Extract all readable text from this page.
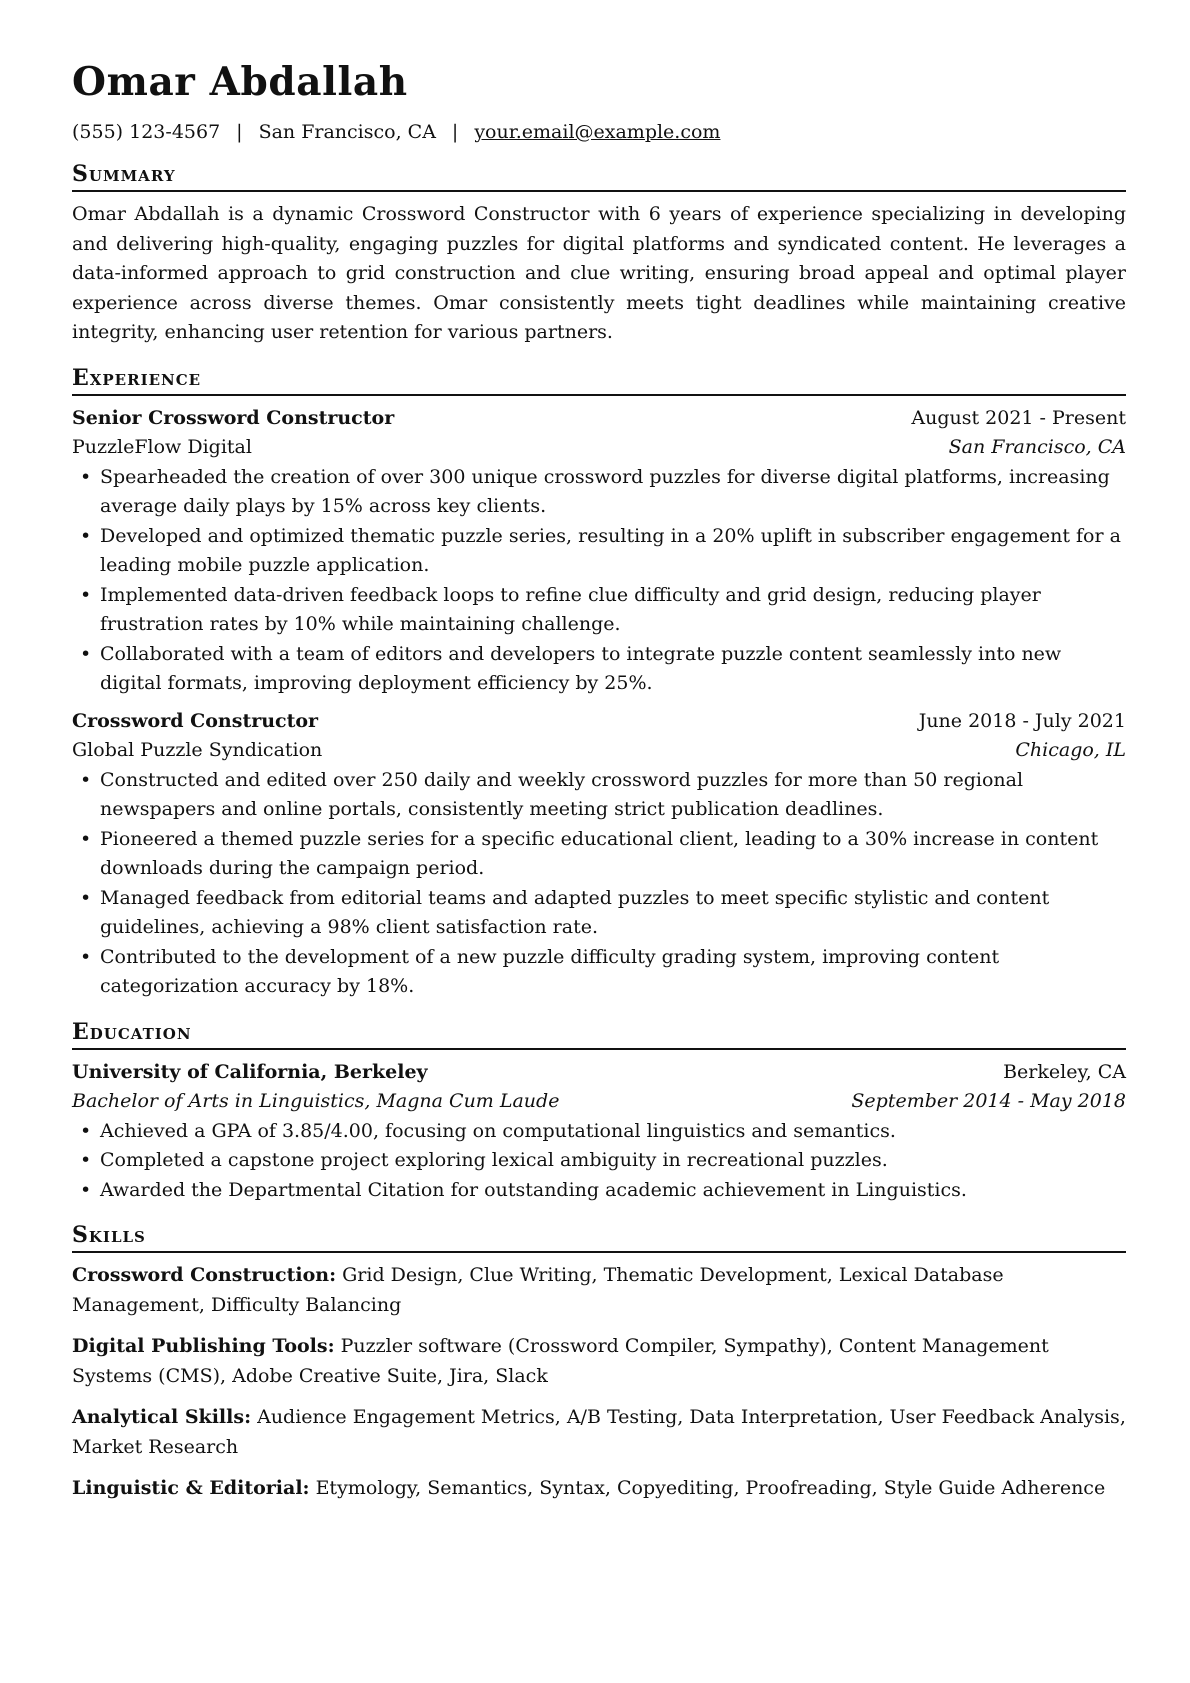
Omar Abdallah
(555) 123-4567 | San Francisco, CA | your.email@example.com
Summary

Omar Abdallah is a dynamic Crossword Constructor with 6 years of experience specializing in developing and delivering high-quality, engaging puzzles for digital platforms and syndicated content. He leverages a data-informed approach to grid construction and clue writing, ensuring broad appeal and optimal player experience across diverse themes. Omar consistently meets tight deadlines while maintaining creative integrity, enhancing user retention for various partners.

Experience
Senior Crossword Constructor	August 2021 - Present
PuzzleFlow Digital	San Francisco, CA
• Spearheaded the creation of over 300 unique crossword puzzles for diverse digital platforms, increasing average daily plays by 15% across key clients.
• Developed and optimized thematic puzzle series, resulting in a 20% uplift in subscriber engagement for a leading mobile puzzle application.
• Implemented data-driven feedback loops to refine clue difficulty and grid design, reducing player frustration rates by 10% while maintaining challenge.
• Collaborated with a team of editors and developers to integrate puzzle content seamlessly into new digital formats, improving deployment efficiency by 25%.
Crossword Constructor	June 2018 - July 2021
Global Puzzle Syndication	Chicago, IL
• Constructed and edited over 250 daily and weekly crossword puzzles for more than 50 regional newspapers and online portals, consistently meeting strict publication deadlines.
• Pioneered a themed puzzle series for a specific educational client, leading to a 30% increase in content downloads during the campaign period.
• Managed feedback from editorial teams and adapted puzzles to meet specific stylistic and content guidelines, achieving a 98% client satisfaction rate.
• Contributed to the development of a new puzzle difficulty grading system, improving content categorization accuracy by 18%.
Education
University of California, Berkeley	Berkeley, CA
Bachelor of Arts in Linguistics, Magna Cum Laude	September 2014 - May 2018
• Achieved a GPA of 3.85/4.00, focusing on computational linguistics and semantics.
• Completed a capstone project exploring lexical ambiguity in recreational puzzles.
• Awarded the Departmental Citation for outstanding academic achievement in Linguistics.
Skills

Crossword Construction: Grid Design, Clue Writing, Thematic Development, Lexical Database Management, Difficulty Balancing

Digital Publishing Tools: Puzzler software (Crossword Compiler, Sympathy), Content Management Systems (CMS), Adobe Creative Suite, Jira, Slack

Analytical Skills: Audience Engagement Metrics, A/B Testing, Data Interpretation, User Feedback Analysis, Market Research

Linguistic & Editorial: Etymology, Semantics, Syntax, Copyediting, Proofreading, Style Guide Adherence
